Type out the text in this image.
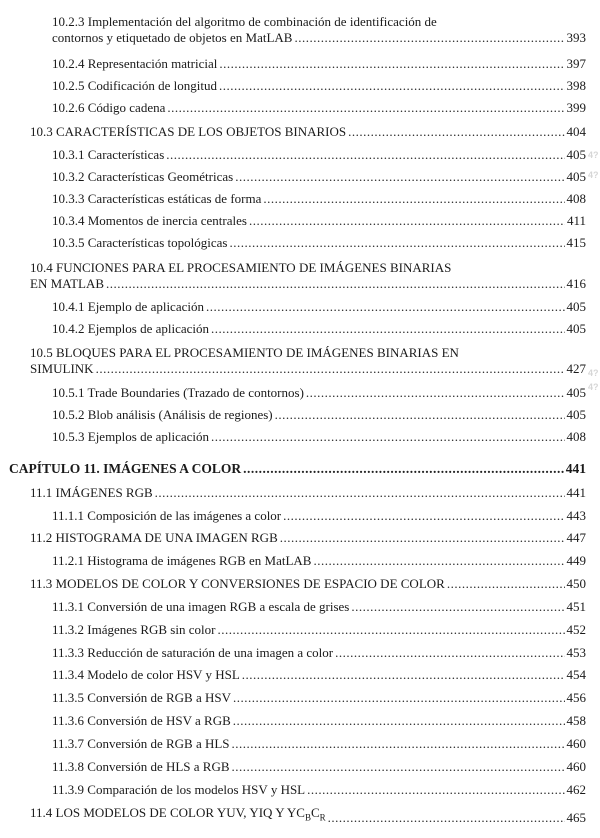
10.2.3 Implementación del algoritmo de combinación de identificación de
contornos y etiquetado de objetos en MatLAB .....	393
10.2.4 Representación matricial .....	397
10.2.5 Codificación de longitud .....	398
10.2.6 Código cadena .....	399
10.3 CARACTERÍSTICAS DE LOS OBJETOS BINARIOS .....	404
10.3.1 Características .....	405
10.3.2 Características Geométricas .....	405
10.3.3 Características estáticas de forma .....	408
10.3.4 Momentos de inercia centrales .....	411
10.3.5 Características topológicas .....	415
10.4 FUNCIONES PARA EL PROCESAMIENTO DE IMÁGENES BINARIAS
EN MATLAB .....	416
10.4.1 Ejemplo de aplicación .....	405
10.4.2 Ejemplos de aplicación .....	405
10.5 BLOQUES PARA EL PROCESAMIENTO DE IMÁGENES BINARIAS EN
SIMULINK .....	427
10.5.1 Trade Boundaries (Trazado de contornos) .....	405
10.5.2 Blob análisis (Análisis de regiones) .....	405
10.5.3 Ejemplos de aplicación .....	408
CAPÍTULO 11. IMÁGENES A COLOR .....	441
11.1 IMÁGENES RGB .....	441
11.1.1 Composición de las imágenes a color .....	443
11.2 HISTOGRAMA DE UNA IMAGEN RGB .....	447
11.2.1 Histograma de imágenes RGB en MatLAB .....	449
11.3 MODELOS DE COLOR Y CONVERSIONES DE ESPACIO DE COLOR .....	450
11.3.1 Conversión de una imagen RGB a escala de grises .....	451
11.3.2 Imágenes RGB sin color .....	452
11.3.3 Reducción de saturación de una imagen a color .....	453
11.3.4 Modelo de color HSV y HSL .....	454
11.3.5 Conversión de RGB a HSV .....	456
11.3.6 Conversión de HSV a RGB .....	458
11.3.7 Conversión de RGB a HLS .....	460
11.3.8 Conversión de HLS a RGB .....	460
11.3.9 Comparación de los modelos HSV y HSL .....	462
11.4 LOS MODELOS DE COLOR YUV, YIQ Y $YC_BC_R$ .....	465
4?
4?
4?
4?
